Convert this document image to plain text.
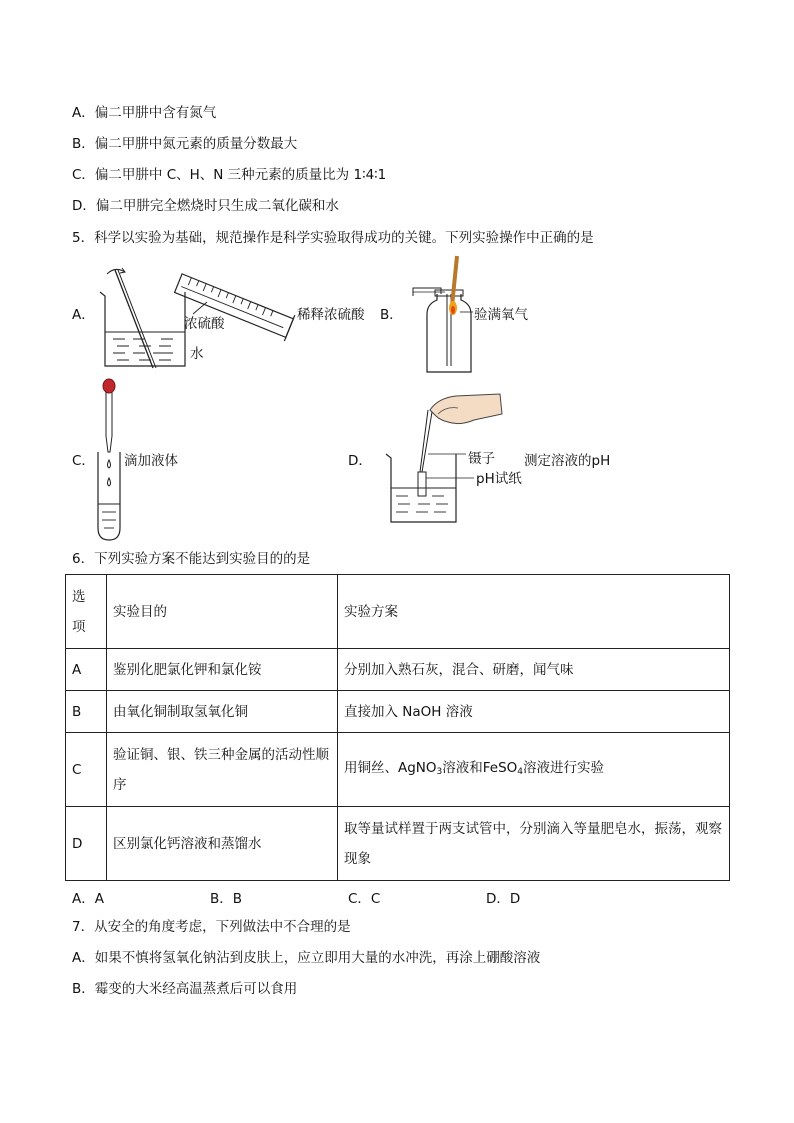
A．偏二甲肼中含有氮气
B．偏二甲肼中氮元素的质量分数最大
C．偏二甲肼中 C、H、N 三种元素的质量比为 1∶4∶1
D．偏二甲肼完全燃烧时只生成二氧化碳和水
5．科学以实验为基础，规范操作是科学实验取得成功的关键。下列实验操作中正确的是
A．
浓硫酸
水
稀释浓硫酸 B．	验满氧气
C． 滴加液体	D．	镊子 测定溶液的pH
pH试纸
6．下列实验方案不能达到实验目的的是
选项	实验目的	实验方案
A	鉴别化肥氯化钾和氯化铵	分别加入熟石灰，混合、研磨，闻气味
B	由氧化铜制取氢氧化铜	直接加入 NaOH 溶液
C	验证铜、银、铁三种金属的活动性顺序	用铜丝、AgNO$_3$溶液和FeSO$_4$溶液进行实验
D	区别氯化钙溶液和蒸馏水	取等量试样置于两支试管中，分别滴入等量肥皂水，振荡，观察现象
A．A	B．B	C．C	D．D
7．从安全的角度考虑，下列做法中不合理的是
A．如果不慎将氢氧化钠沾到皮肤上，应立即用大量的水冲洗，再涂上硼酸溶液
B．霉变的大米经高温蒸煮后可以食用
